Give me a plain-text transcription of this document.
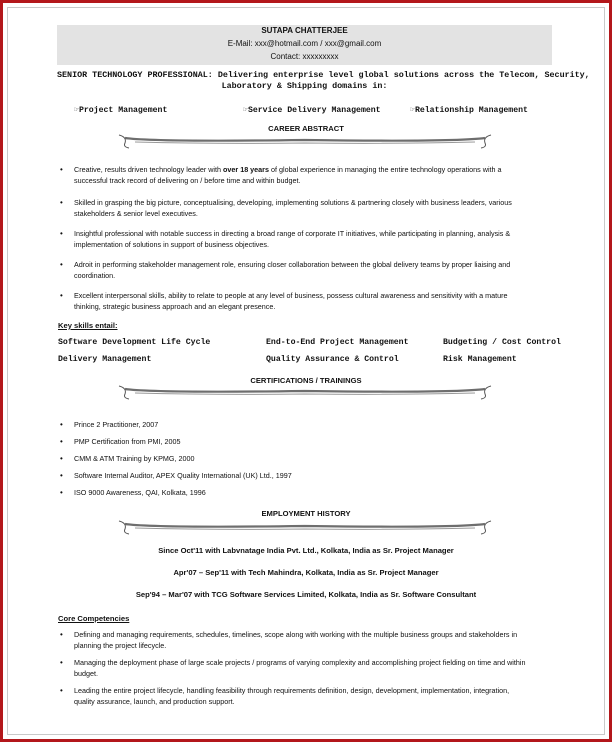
SUTAPA CHATTERJEE
E-Mail: xxx@hotmail.com / xxx@gmail.com
Contact: xxxxxxxxx
SENIOR TECHNOLOGY PROFESSIONAL: Delivering enterprise level global solutions across the Telecom, Security,
Laboratory & Shipping domains in:
☞Project Management	☞Service Delivery Management	☞Relationship Management
CAREER ABSTRACT
• Creative, results driven technology leader with over 18 years of global experience in managing the entire technology operations with a
successful track record of delivering on / before time and within budget.
• Skilled in grasping the big picture, conceptualising, developing, implementing solutions & partnering closely with business leaders, various
stakeholders & senior level executives.
• Insightful professional with notable success in directing a broad range of corporate IT initiatives, while participating in planning, analysis &
implementation of solutions in support of business objectives.
• Adroit in performing stakeholder management role, ensuring closer collaboration between the global delivery teams by proper liaising and
coordination.
• Excellent interpersonal skills, ability to relate to people at any level of business, possess cultural awareness and sensitivity with a mature
thinking, strategic business approach and an elegant presence.
Key skills entail:
Software Development Life Cycle	End-to-End Project Management	Budgeting / Cost Control
Delivery Management	Quality Assurance & Control	Risk Management
CERTIFICATIONS / TRAININGS
• Prince 2 Practitioner, 2007
• PMP Certification from PMI, 2005
• CMM & ATM Training by KPMG, 2000
• Software Internal Auditor, APEX Quality International (UK) Ltd., 1997
• ISO 9000 Awareness, QAI, Kolkata, 1996
EMPLOYMENT HISTORY
Since Oct'11 with Labvnatage India Pvt. Ltd., Kolkata, India as Sr. Project Manager
Apr'07 – Sep'11 with Tech Mahindra, Kolkata, India as Sr. Project Manager
Sep'94 – Mar'07 with TCG Software Services Limited, Kolkata, India as Sr. Software Consultant
Core Competencies
• Defining and managing requirements, schedules, timelines, scope along with working with the multiple business groups and stakeholders in
planning the project lifecycle.
• Managing the deployment phase of large scale projects / programs of varying complexity and accomplishing project fielding on time and within
budget.
• Leading the entire project lifecycle, handling feasibility through requirements definition, design, development, implementation, integration,
quality assurance, launch, and production support.
